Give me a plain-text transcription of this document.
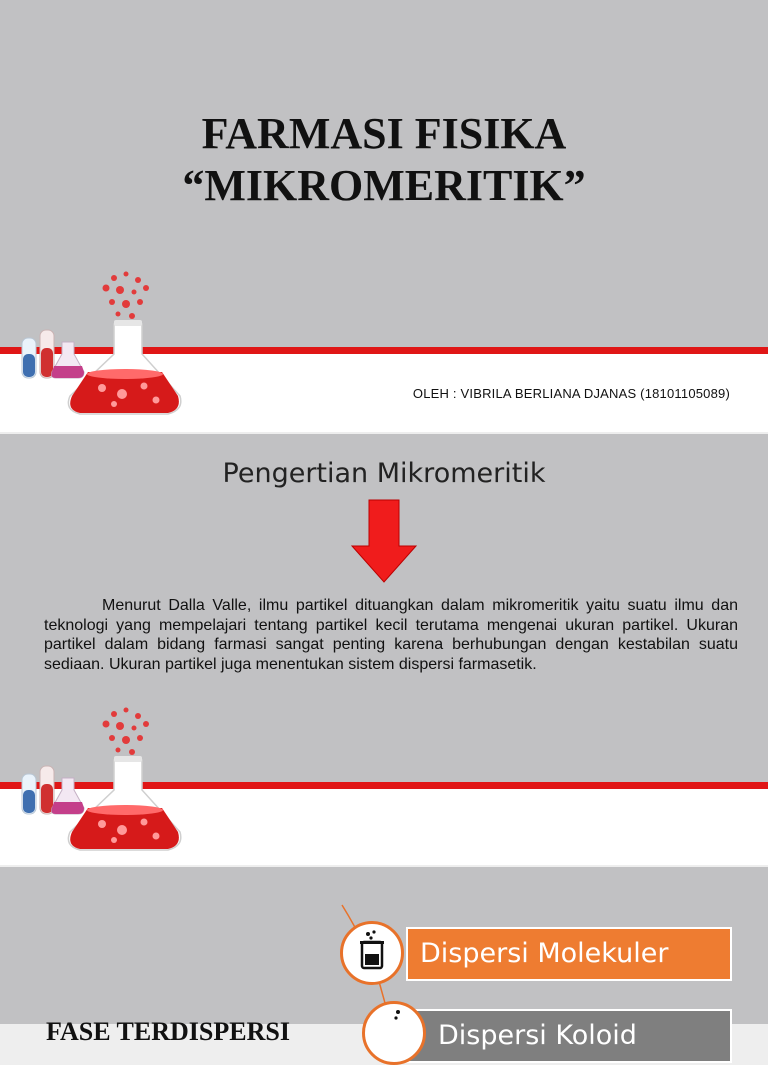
FARMASI FISIKA
“MIKROMERITIK”
OLEH : VIBRILA BERLIANA DJANAS (18101105089)
Pengertian Mikromeritik

Menurut Dalla Valle, ilmu partikel dituangkan dalam mikromeritik yaitu suatu ilmu dan teknologi yang mempelajari tentang partikel kecil terutama mengenai ukuran partikel. Ukuran partikel dalam bidang farmasi sangat penting karena berhubungan dengan kestabilan suatu sediaan. Ukuran partikel juga menentukan sistem dispersi farmasetik.

Dispersi Molekuler
Dispersi Koloid
FASE TERDISPERSI
